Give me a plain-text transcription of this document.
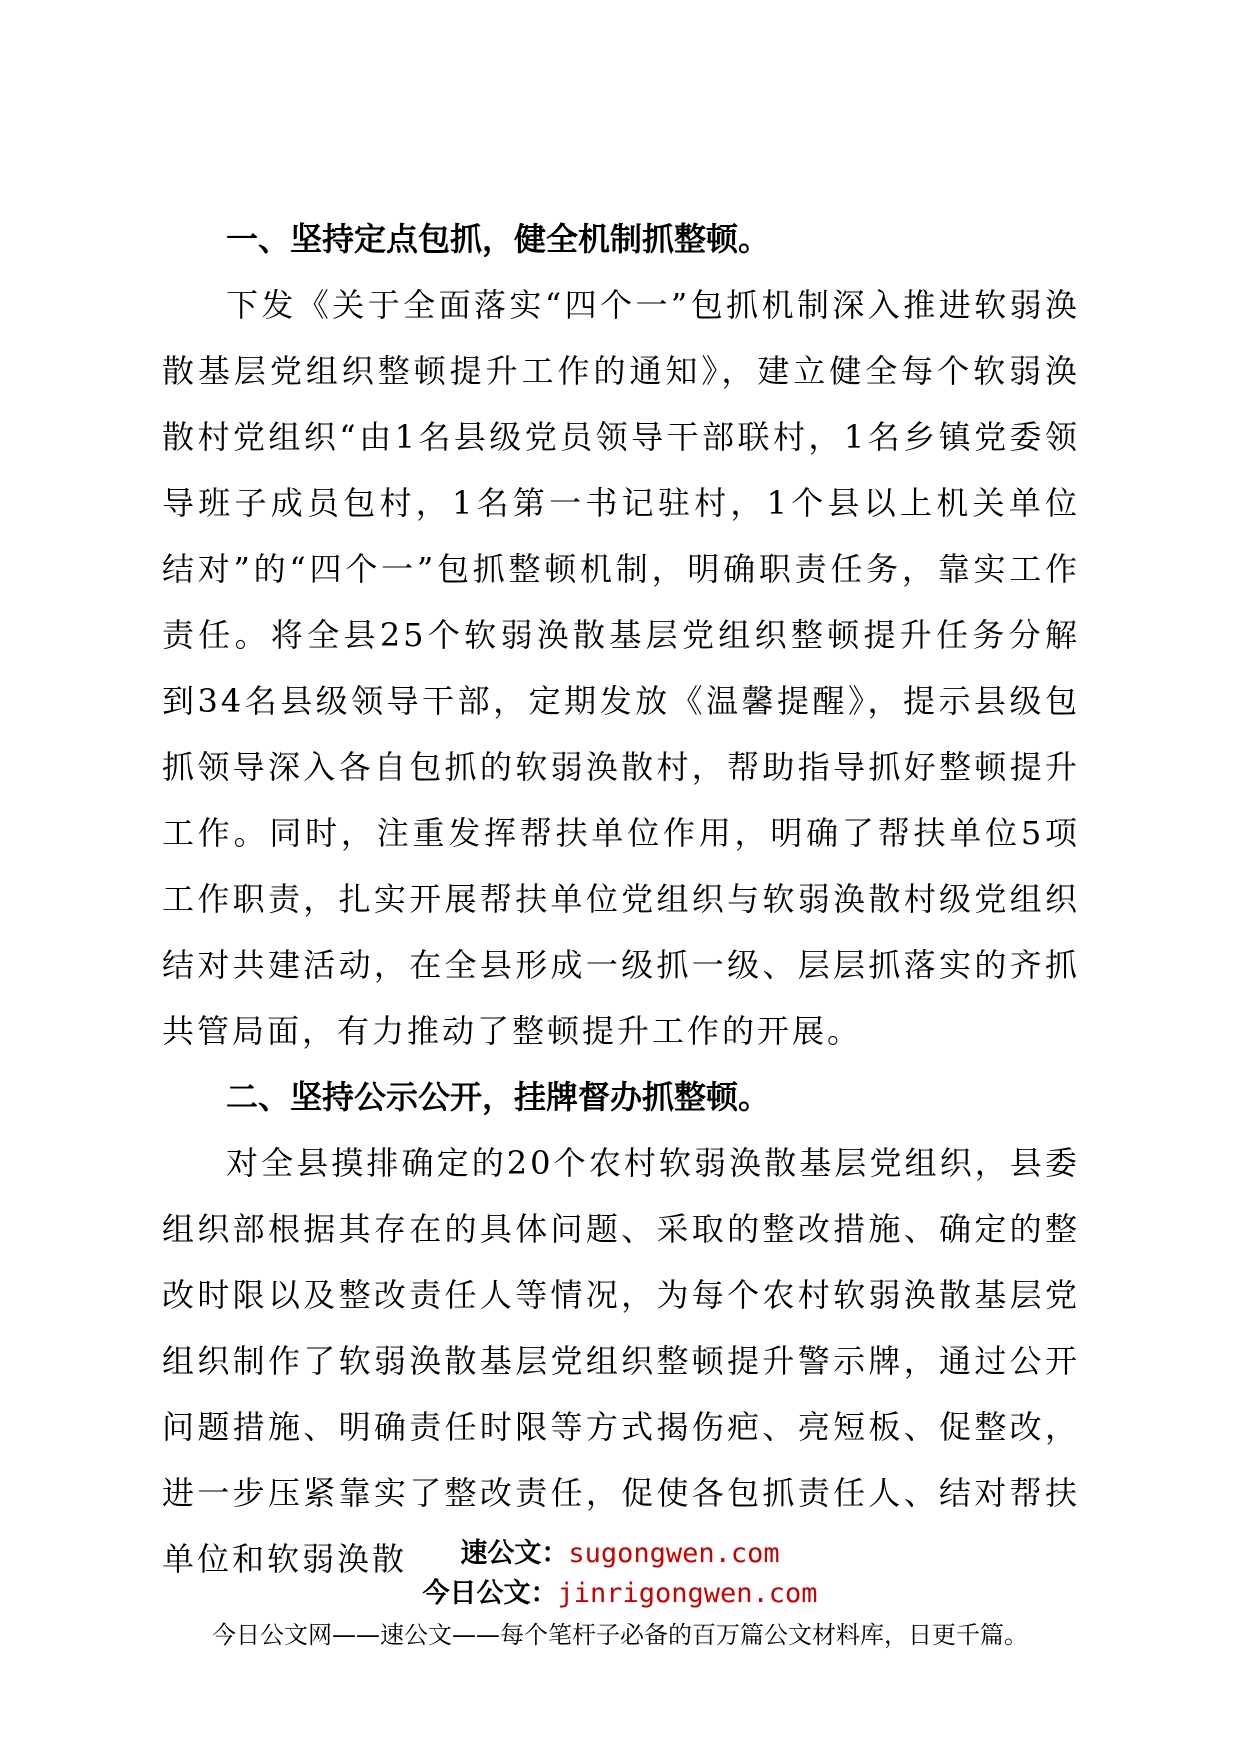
一、坚持定点包抓，健全机制抓整顿。

下发《关于全面落实“四个一”包抓机制深入推进软弱涣散基层党组织整顿提升工作的通知》，建立健全每个软弱涣散村党组织“由1名县级党员领导干部联村，1名乡镇党委领导班子成员包村，1名第一书记驻村，1个县以上机关单位结对”的“四个一”包抓整顿机制，明确职责任务，靠实工作责任。将全县25个软弱涣散基层党组织整顿提升任务分解到34名县级领导干部，定期发放《温馨提醒》，提示县级包抓领导深入各自包抓的软弱涣散村，帮助指导抓好整顿提升工作。同时，注重发挥帮扶单位作用，明确了帮扶单位5项工作职责，扎实开展帮扶单位党组织与软弱涣散村级党组织结对共建活动，在全县形成一级抓一级、层层抓落实的齐抓共管局面，有力推动了整顿提升工作的开展。

二、坚持公示公开，挂牌督办抓整顿。

对全县摸排确定的20个农村软弱涣散基层党组织，县委组织部根据其存在的具体问题、采取的整改措施、确定的整改时限以及整改责任人等情况，为每个农村软弱涣散基层党组织制作了软弱涣散基层党组织整顿提升警示牌，通过公开问题措施、明确责任时限等方式揭伤疤、亮短板、促整改，进一步压紧靠实了整改责任，促使各包抓责任人、结对帮扶单位和软弱涣散	速公文：sugongwen.com
今日公文：jinrigongwen.com
今日公文网——速公文——每个笔杆子必备的百万篇公文材料库，日更千篇。
